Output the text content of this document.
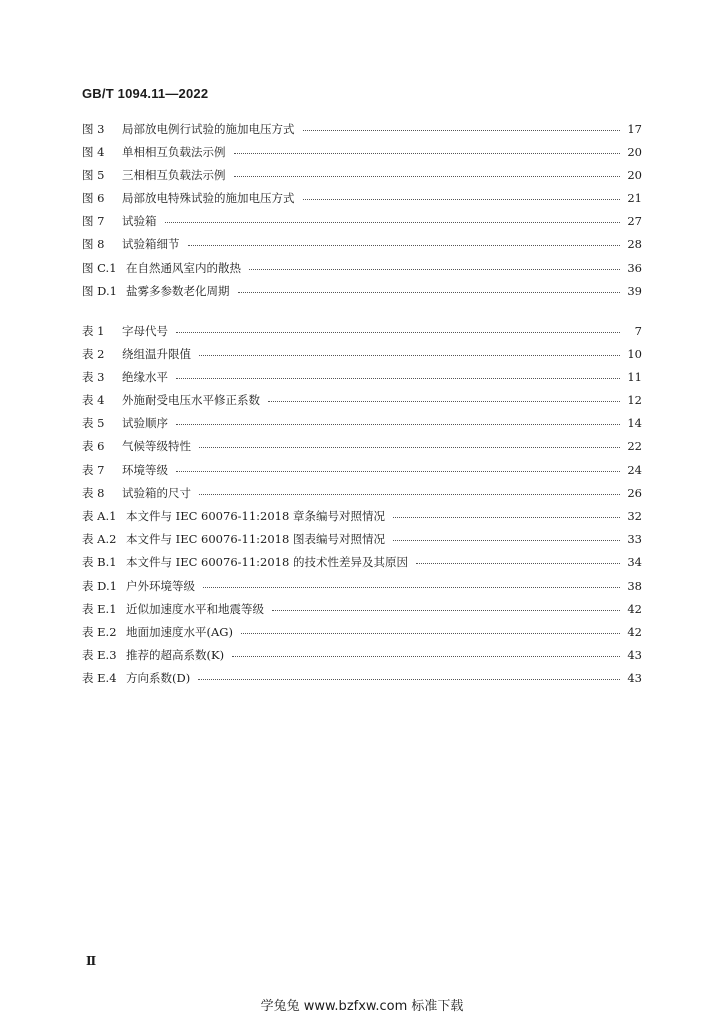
GB/T 1094.11—2022
图 3	局部放电例行试验的施加电压方式	17
图 4	单相相互负载法示例	20
图 5	三相相互负载法示例	20
图 6	局部放电特殊试验的施加电压方式	21
图 7	试验箱	27
图 8	试验箱细节	28
图 C.1 在自然通风室内的散热	36
图 D.1 盐雾多参数老化周期	39
表 1	字母代号	7
表 2	绕组温升限值	10
表 3	绝缘水平	11
表 4	外施耐受电压水平修正系数	12
表 5	试验顺序	14
表 6	气候等级特性	22
表 7	环境等级	24
表 8	试验箱的尺寸	26
表 A.1 本文件与 IEC 60076-11:2018 章条编号对照情况	32
表 A.2 本文件与 IEC 60076-11:2018 图表编号对照情况	33
表 B.1 本文件与 IEC 60076-11:2018 的技术性差异及其原因	34
表 D.1 户外环境等级	38
表 E.1 近似加速度水平和地震等级	42
表 E.2 地面加速度水平(AG)	42
表 E.3 推荐的超高系数(K)	43
表 E.4 方向系数(D)	43
Ⅱ
学兔兔 www.bzfxw.com 标准下载
